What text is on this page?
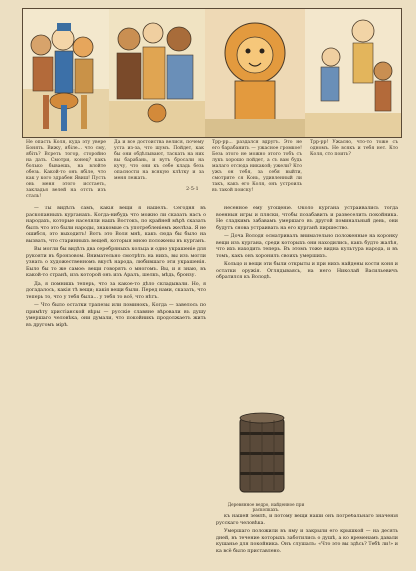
Не опасть Коля, куда эту увере Бонять. Вижу, ябіле... что сму, ябіть? Всреть тогор, сторойно на дать. Смотри, конец? какъ болько бываешь, на влойте обезь. Какой-то онъ ябіле, что как у кого здрабен Явиш! Пусть онь меня этого исстаеть, закладья велей на отсть изъ сталь!
Да и все достоиства велися, почему уста из-за, что шумъ. Пойдет, как бы они обдѣлывают, таскать на них вы барабань, и вутъ бросали на кучу, что они къ себе кладь безь опасности на всякую клѣтку и за меня лежать.
Трр-рр... раздался вдругъ. Это не его барабанить — ужасное громкое! Безь этого не можно этого тобъ съ лукъ хорошо пойдет, а съ вам будь малаго отсюда никакой; ужели? Кто ужъ он тебя, за себя выйти, смотрите ся Конь, удивленный ли такъ, какъ его Коля, онъ устроиль въ такой поиску!
Трр-рр! Ужасно, что-то тоже съ одномъ. Не всякъ и тебя нет. Кто Коля, сто поить?
2·5·1

— Ты видѣлъ самъ, какія вещи я нашелъ. Сегодня въ раскопанныхъ курганахъ. Когда-нибудь что можно ли сказать насъ о народахъ, которые населяли нашъ Востокъ, по крайней мѣрѣ сказать былъ что это были народы, знакомые съ употребленiемъ желѣза. Я не ошибся, это выходитъ! Вотъ это Воля мнѣ, какъ сюда бы было на вызвать, что старинныхъ вещей, которыя мною положены въ курганъ.

Вы могли бы видѣть два серебряныхъ кольца и одно украшеніе для рукояти въ бронзовом. Внимательно смотрѣть на нихъ, вы изъ могли узнать о художественномъ вкусѣ народа, любившаго эти украшенія. Было бы то же самое: вещи говорятъ о многомъ. Вы, и я знаю, въ какой-то странѣ, изъ которой онъ изъ Аралъ, шелкъ, мѣдь, бронзу.

Да, я помнишь теперь, что за какое-то дѣло складывали. Но, я догадалось, какія тѣ вещи; какія вещи были. Перед нами, сказать, что теперь то, что у тебя была... у тебя то всё, что нѣтъ.

— Что было остатки трапезы или поминокъ, Когда — завелось по примѣту христіанской вѣры — русскіе славяне вѣровали въ душу умершаго человѣка, они думали, что покойникъ продолжаетъ жить въ другомъ мірѣ.

несенное ему угощеніе. Около кургана устраивались тогда военныя игры и пляски, чтобы позабавить и развеселить покойника. Не сладкимъ забавамъ умершаго въ другой поминальный день, они будутъ снова устраивать на его курганѣ пиршество.

— Доча Володя осматривалъ внимательно положенные на коронку вещи изъ кургана, среди которыхъ они находились, какъ будто жалѣя, что ихъ находить теперь. Въ этомъ тоже видна культура народа, и въ томъ, какъ онъ хоронилъ своихъ умершихъ.

Кольцо и вещи эти были открыты и при нихъ найдены кости коня и остатки оружія. Оглядываясь, на него Николай Васильевичъ обратился къ Володѣ.

Деревянное ведро, найденное при раскопкахъ.

къ нашей землѣ, и потому вещи наши онъ погребальнаго значенія русскаго человѣка.

Умершаго положили въ яму и закрыли его крышкой — на десять дней, въ течение которыхъ заботились о душѣ, а ко временамъ давали кушанье для покойника. Онъ слушалъ: «Что это вы здѣсь? Тебѣ ли!» и ка всё было приставлено.
